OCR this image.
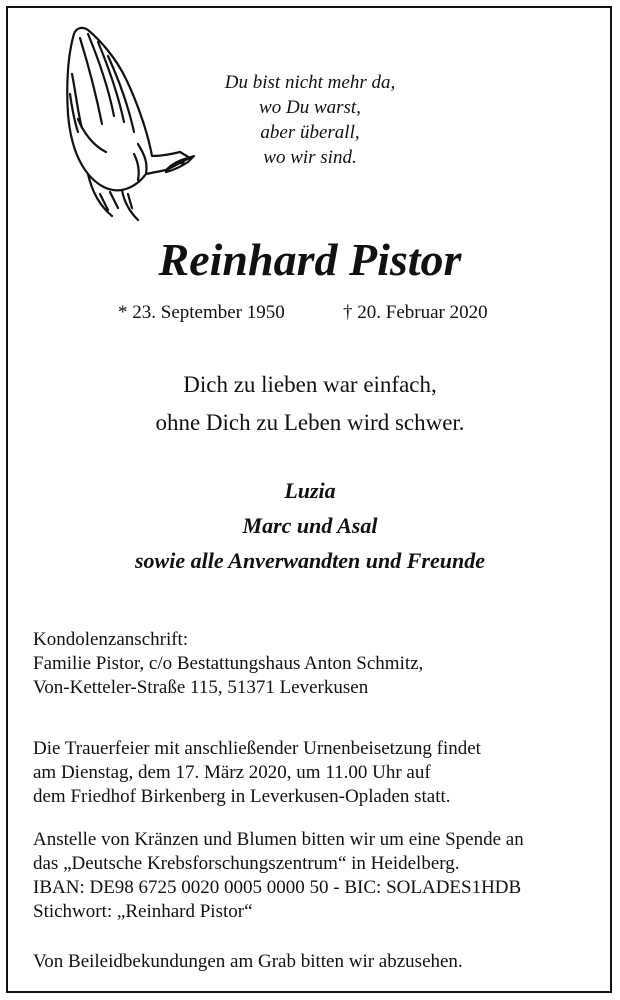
Du bist nicht mehr da,
wo Du warst,
aber überall,
wo wir sind.
Reinhard Pistor
* 23. September 1950	† 20. Februar 2020
Dich zu lieben war einfach,
ohne Dich zu Leben wird schwer.
Luzia
Marc und Asal
sowie alle Anverwandten und Freunde
Kondolenzanschrift:
Familie Pistor, c/o Bestattungshaus Anton Schmitz,
Von-Ketteler-Straße 115, 51371 Leverkusen
Die Trauerfeier mit anschließender Urnenbeisetzung findet
am Dienstag, dem 17. März 2020, um 11.00 Uhr auf
dem Friedhof Birkenberg in Leverkusen-Opladen statt.
Anstelle von Kränzen und Blumen bitten wir um eine Spende an
das „Deutsche Krebsforschungszentrum“ in Heidelberg.
IBAN: DE98 6725 0020 0005 0000 50 - BIC: SOLADES1HDB
Stichwort: „Reinhard Pistor“
Von Beileidbekundungen am Grab bitten wir abzusehen.
